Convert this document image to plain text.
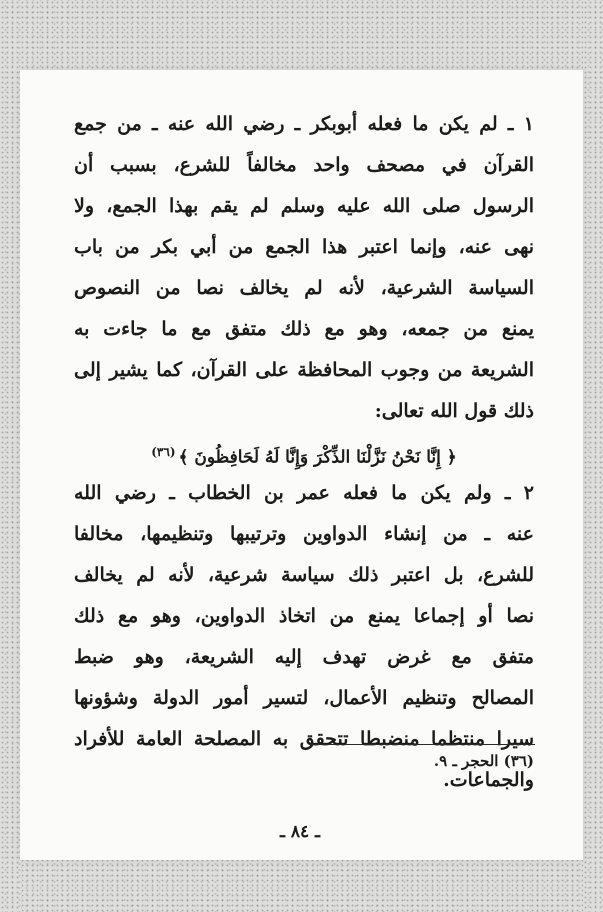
١ ـ لم يكن ما فعله أبوبكر ـ رضي الله عنه ـ من جمع
القرآن في مصحف واحد مخالفاً للشرع، بسبب أن
الرسول صلى الله عليه وسلم لم يقم بهذا الجمع، ولا
نهى عنه، وإنما اعتبر هذا الجمع من أبي بكر من باب
السياسة الشرعية، لأنه لم يخالف نصا من النصوص
يمنع من جمعه، وهو مع ذلك متفق مع ما جاءت به
الشريعة من وجوب المحافظة على القرآن، كما يشير إلى
ذلك قول الله تعالى:
﴿ إِنَّا نَحْنُ نَزَّلْنَا الذِّكْرَ وَإِنَّا لَهُ لَحَافِظُونَ ﴾$^{(٣٦)}$
٢ ـ ولم يكن ما فعله عمر بن الخطاب ـ رضي الله
عنه ـ من إنشاء الدواوين وترتيبها وتنظيمها، مخالفا
للشرع، بل اعتبر ذلك سياسة شرعية، لأنه لم يخالف
نصا أو إجماعا يمنع من اتخاذ الدواوين، وهو مع ذلك
متفق مع غرض تهدف إليه الشريعة، وهو ضبط
المصالح وتنظيم الأعمال، لتسير أمور الدولة وشؤونها
سيرا منتظما منضبطا تتحقق به المصلحة العامة للأفراد
والجماعات.
(٣٦) الحجر ـ ٩.
ـ ٨٤ ـ
